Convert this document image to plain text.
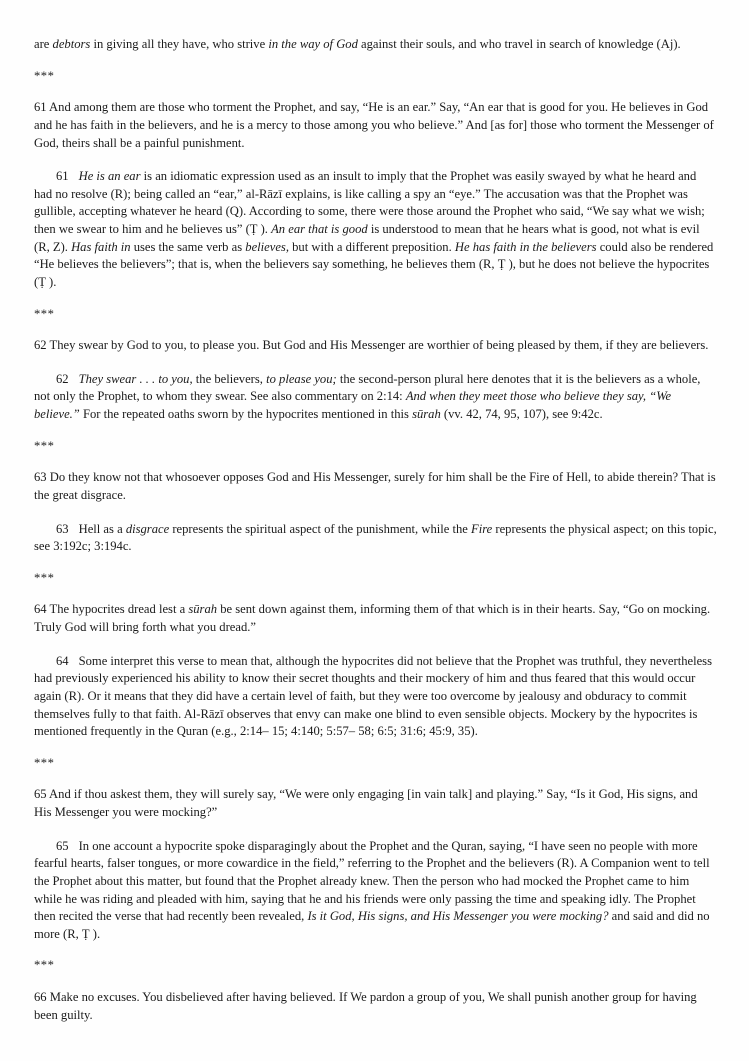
are debtors in giving all they have, who strive in the way of God against their souls, and who travel in search of knowledge (Aj).

***

61 And among them are those who torment the Prophet, and say, “He is an ear.” Say, “An ear that is good for you. He believes in God and he has faith in the believers, and he is a mercy to those among you who believe.” And [as for] those who torment the Messenger of God, theirs shall be a painful punishment.

61 He is an ear is an idiomatic expression used as an insult to imply that the Prophet was easily swayed by what he heard and had no resolve (R); being called an “ear,” al-Rāzī explains, is like calling a spy an “eye.” The accusation was that the Prophet was gullible, accepting whatever he heard (Q). According to some, there were those around the Prophet who said, “We say what we wish; then we swear to him and he believes us” (Ṭ ). An ear that is good is understood to mean that he hears what is good, not what is evil (R, Z). Has faith in uses the same verb as believes, but with a different preposition. He has faith in the believers could also be rendered “He believes the believers”; that is, when the believers say something, he believes them (R, Ṭ ), but he does not believe the hypocrites (Ṭ ).

***

62 They swear by God to you, to please you. But God and His Messenger are worthier of being pleased by them, if they are believers.

62 They swear . . . to you, the believers, to please you; the second-person plural here denotes that it is the believers as a whole, not only the Prophet, to whom they swear. See also commentary on 2:14: And when they meet those who believe they say, “We believe.” For the repeated oaths sworn by the hypocrites mentioned in this sūrah (vv. 42, 74, 95, 107), see 9:42c.

***

63 Do they know not that whosoever opposes God and His Messenger, surely for him shall be the Fire of Hell, to abide therein? That is the great disgrace.

63 Hell as a disgrace represents the spiritual aspect of the punishment, while the Fire represents the physical aspect; on this topic, see 3:192c; 3:194c.

***

64 The hypocrites dread lest a sūrah be sent down against them, informing them of that which is in their hearts. Say, “Go on mocking. Truly God will bring forth what you dread.”

64 Some interpret this verse to mean that, although the hypocrites did not believe that the Prophet was truthful, they nevertheless had previously experienced his ability to know their secret thoughts and their mockery of him and thus feared that this would occur again (R). Or it means that they did have a certain level of faith, but they were too overcome by jealousy and obduracy to commit themselves fully to that faith. Al-Rāzī observes that envy can make one blind to even sensible objects. Mockery by the hypocrites is mentioned frequently in the Quran (e.g., 2:14– 15; 4:140; 5:57– 58; 6:5; 31:6; 45:9, 35).

***

65 And if thou askest them, they will surely say, “We were only engaging [in vain talk] and playing.” Say, “Is it God, His signs, and His Messenger you were mocking?”

65 In one account a hypocrite spoke disparagingly about the Prophet and the Quran, saying, “I have seen no people with more fearful hearts, falser tongues, or more cowardice in the field,” referring to the Prophet and the believers (R). A Companion went to tell the Prophet about this matter, but found that the Prophet already knew. Then the person who had mocked the Prophet came to him while he was riding and pleaded with him, saying that he and his friends were only passing the time and speaking idly. The Prophet then recited the verse that had recently been revealed, Is it God, His signs, and His Messenger you were mocking? and said and did no more (R, Ṭ ).

***

66 Make no excuses. You disbelieved after having believed. If We pardon a group of you, We shall punish another group for having been guilty.
